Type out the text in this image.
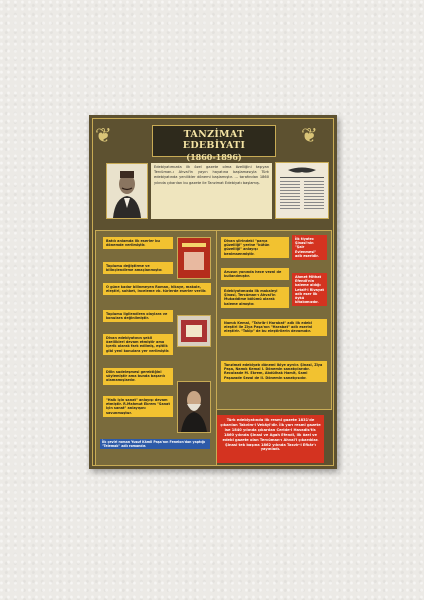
❦	❦
TANZİMAT EDEBİYATI
(1860-1896)
Edebiyatımızda ilk özel gazete olma özelliğini taşıyan Tercüman-ı Ahval'in yayın hayatına başlamasıyla Türk edebiyatında yenilikler dönemi başlamıştır. ... tarafından 1860 yılında çıkarılan bu gazete ile Tanzimat Edebiyatı başlamış.
Batılı anlamda ilk eserler bu dönemde verilmiştir.
Toplumu değiştirme ve bilinçlendirme amaçlanmıştır.
O güne kadar bilinmeyen Roman, hikaye, makale, eleştiri, sohbet, inceleme vb. türlerde eserler verilir.
Toplumu ilgilendiren olaylara ve konulara değinilmiştir.
Divan edebiyatının şekil özellikleri devam etmiştir ama içerik olarak fark edilmiş, eşitlik gibi yeni konulara yer verilmiştir.
Dilin sadeleşmesi gerektiğini söylemiştir ama bunda başarılı olamamışlardır.
"Halk için sanat" anlayışı devam etmiştir. R.Mahmut Ekrem "Sanat için sanat" anlayışını savunmuştur.
İlk çeviri roman Yusuf Kâmil Paşa'nın Fenelon'dan yaptığı "Telemak" adlı romandır.
Divan şiirindeki "parça güzelliği" yerine "bütün güzelliği" anlayışı benimsenmiştir.
İlk tiyatro Şinasi'nin "Şair Evlenmesi" adlı eseridir.
Aruzun yanında hece vezni de kullanılmıştır.
Edebiyatımızda ilk makaleyi Şinasi, Tercüman-ı Ahval'in Mukaddime bölümü olarak kaleme almıştır.
Ahmet Mithat Efendi'nin kaleme aldığı Letaif-i Rivayat adlı eser ilk öykü kitabımızdır.
Namık Kemal, "Tahrib-i Harabat" adlı ilk edebi eleştiri ile Ziya Paşa'nın "Harabat" adlı eserini eleştirir. "Takip" de bu eleştirilerin devamıdır.
Tanzimat edebiyatı dönemi ikiye ayrılır. Şinasi, Ziya Paşa, Namık Kemal I. Dönemin sanatçılarıdır. Recaizade M. Ekrem, Abdülhak Hamit, Sami Paşazade Sezai de II. Dönemin sanatçısıdır.
Türk edebiyatında ilk resmi gazete 1831'de çıkarılan Takvim-i Vekâyi'dir. İlk yarı resmi gazete ise 1840 yılında çıkarılan Ceride-i Havadis'tir. 1860 yılında Şinasi ve Agah Efendi, ilk özel ve edebi gazete olan Tercüman-ı Ahval'i çıkardılar. Şinasi tek başına 1862 yılında Tasvir-i Efkâr'ı yayınladı.
